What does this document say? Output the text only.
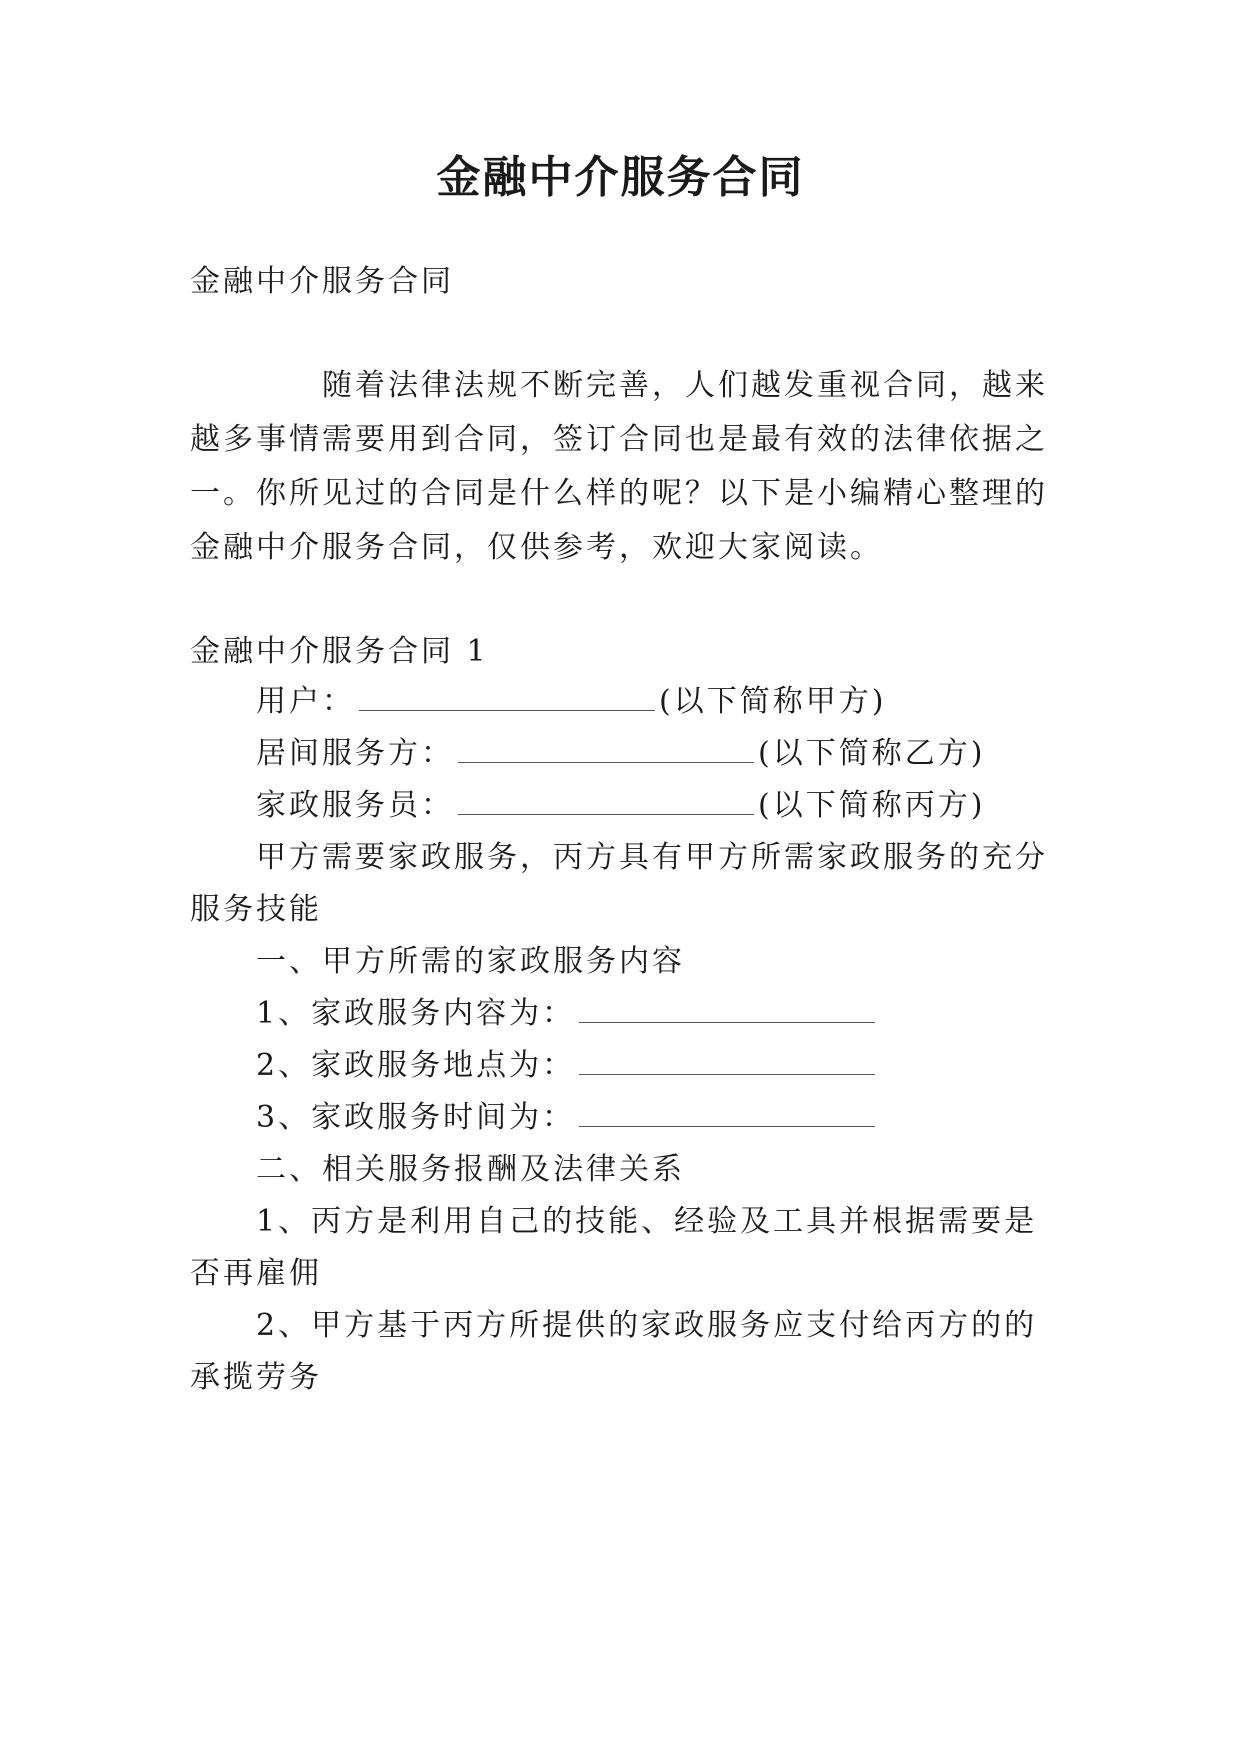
金融中介服务合同
金融中介服务合同
随着法律法规不断完善，人们越发重视合同，越来
越多事情需要用到合同，签订合同也是最有效的法律依据之
一。你所见过的合同是什么样的呢？以下是小编精心整理的
金融中介服务合同，仅供参考，欢迎大家阅读。
金融中介服务合同 1
用户：	(以下简称甲方)
居间服务方：	(以下简称乙方)
家政服务员：	(以下简称丙方)
甲方需要家政服务，丙方具有甲方所需家政服务的充分
服务技能
一、甲方所需的家政服务内容
1、家政服务内容为：
2、家政服务地点为：
3、家政服务时间为：
二、相关服务报酬及法律关系
1、丙方是利用自己的技能、经验及工具并根据需要是
否再雇佣
2、甲方基于丙方所提供的家政服务应支付给丙方的的
承揽劳务
